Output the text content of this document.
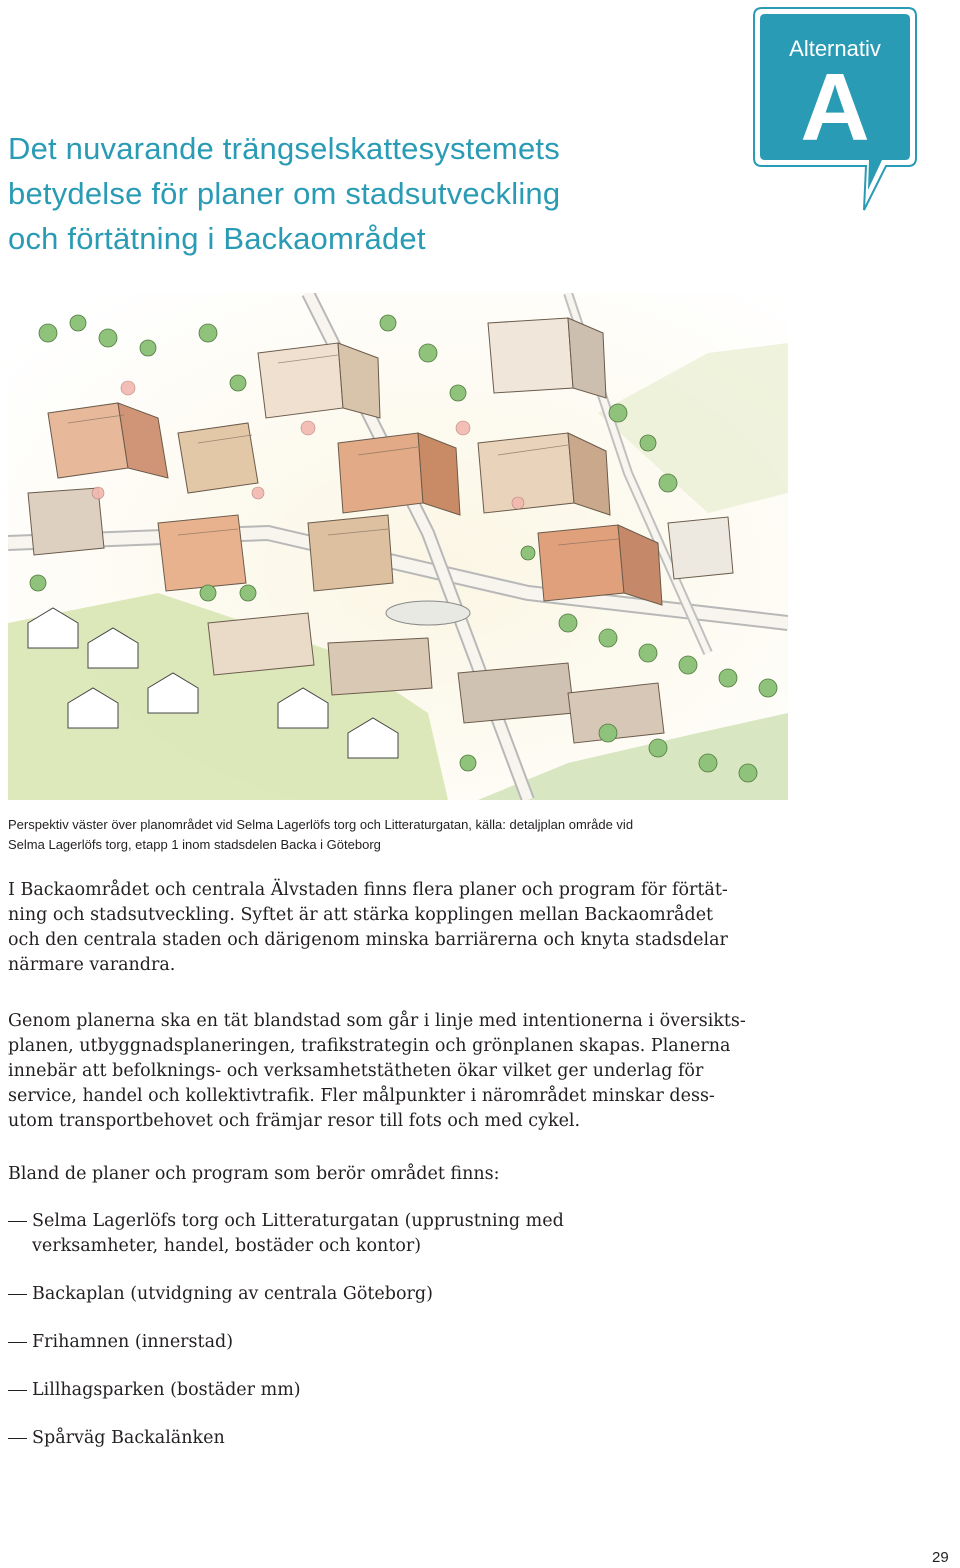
Det nuvarande trängselskattesystemets
betydelse för planer om stadsutveckling
och förtätning i Backaområdet
Alternativ
A

Perspektiv väster över planområdet vid Selma Lagerlöfs torg och Litteraturgatan, källa: detaljplan område vid
Selma Lagerlöfs torg, etapp 1 inom stadsdelen Backa i Göteborg

I Backaområdet och centrala Älvstaden finns flera planer och program för förtät-
ning och stadsutveckling. Syftet är att stärka kopplingen mellan Backaområdet
och den centrala staden och därigenom minska barriärerna och knyta stadsdelar
närmare varandra.

Genom planerna ska en tät blandstad som går i linje med intentionerna i översikts-
planen, utbyggnadsplaneringen, trafikstrategin och grönplanen skapas. Planerna
innebär att befolknings- och verksamhetstätheten ökar vilket ger underlag för
service, handel och kollektivtrafik. Fler målpunkter i närområdet minskar dess-
utom transportbehovet och främjar resor till fots och med cykel.

Bland de planer och program som berör området finns:

Selma Lagerlöfs torg och Litteraturgatan (upprustning med
verksamheter, handel, bostäder och kontor)
Backaplan (utvidgning av centrala Göteborg)
Frihamnen (innerstad)
Lillhagsparken (bostäder mm)
Spårväg Backalänken
29
